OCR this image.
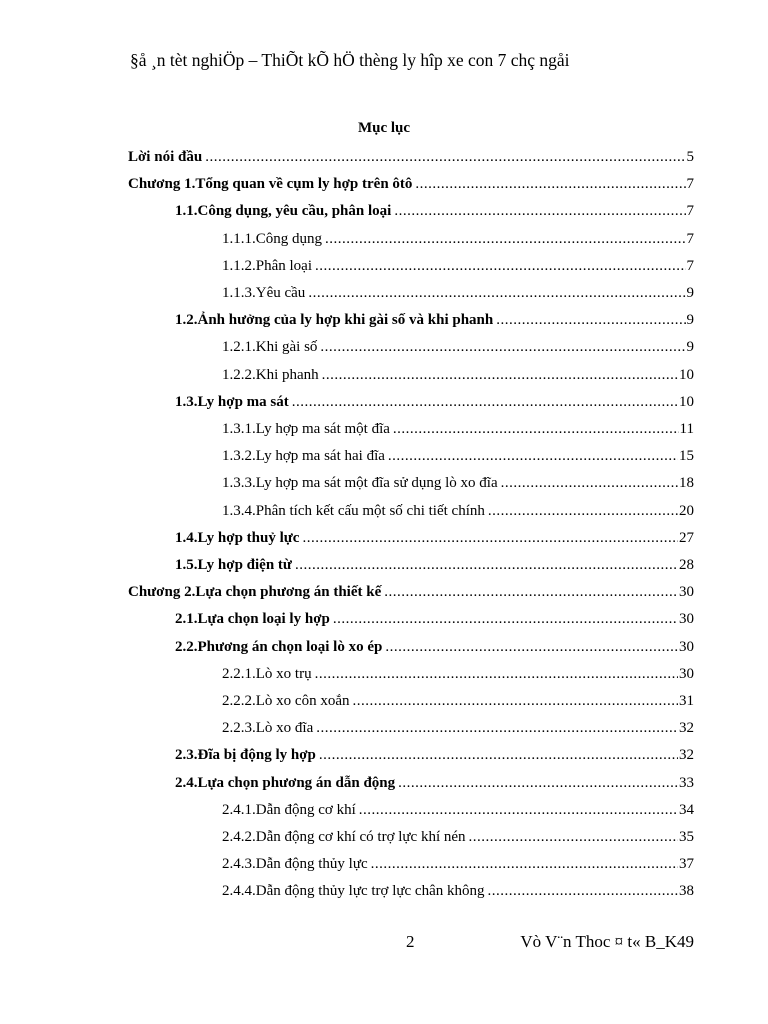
§å ¸n tèt nghiÖp – ThiÕt kÕ hÖ thèng ly hîp xe con 7 chç ngåi
Mục lục
Lời nói đầu .....	5
Chương 1.Tổng quan về cụm ly hợp trên ôtô .....	7
1.1.Công dụng, yêu cầu, phân loại .....	7
1.1.1.Công dụng .....	7
1.1.2.Phân loại .....	7
1.1.3.Yêu cầu .....	9
1.2.Ảnh hưởng của ly hợp khi gài số và khi phanh .....	9
1.2.1.Khi gài số .....	9
1.2.2.Khi phanh .....	10
1.3.Ly hợp ma sát .....	10
1.3.1.Ly hợp ma sát một đĩa .....	11
1.3.2.Ly hợp ma sát hai đĩa .....	15
1.3.3.Ly hợp ma sát một đĩa sử dụng lò xo đĩa .....	18
1.3.4.Phân tích kết cấu một số chi tiết chính .....	20
1.4.Ly hợp thuỷ lực .....	27
1.5.Ly hợp điện từ .....	28
Chương 2.Lựa chọn phương án thiết kế .....	30
2.1.Lựa chọn loại ly hợp .....	30
2.2.Phương án chọn loại lò xo ép .....	30
2.2.1.Lò xo trụ .....	30
2.2.2.Lò xo côn xoắn .....	31
2.2.3.Lò xo đĩa .....	32
2.3.Đĩa bị động ly hợp .....	32
2.4.Lựa chọn phương án dẫn động .....	33
2.4.1.Dẫn động cơ khí .....	34
2.4.2.Dẫn động cơ khí có trợ lực khí nén .....	35
2.4.3.Dẫn động thủy lực .....	37
2.4.4.Dẫn động thủy lực trợ lực chân không .....	38
2	Vò V¨n Thoc ¤ t« B_K49
